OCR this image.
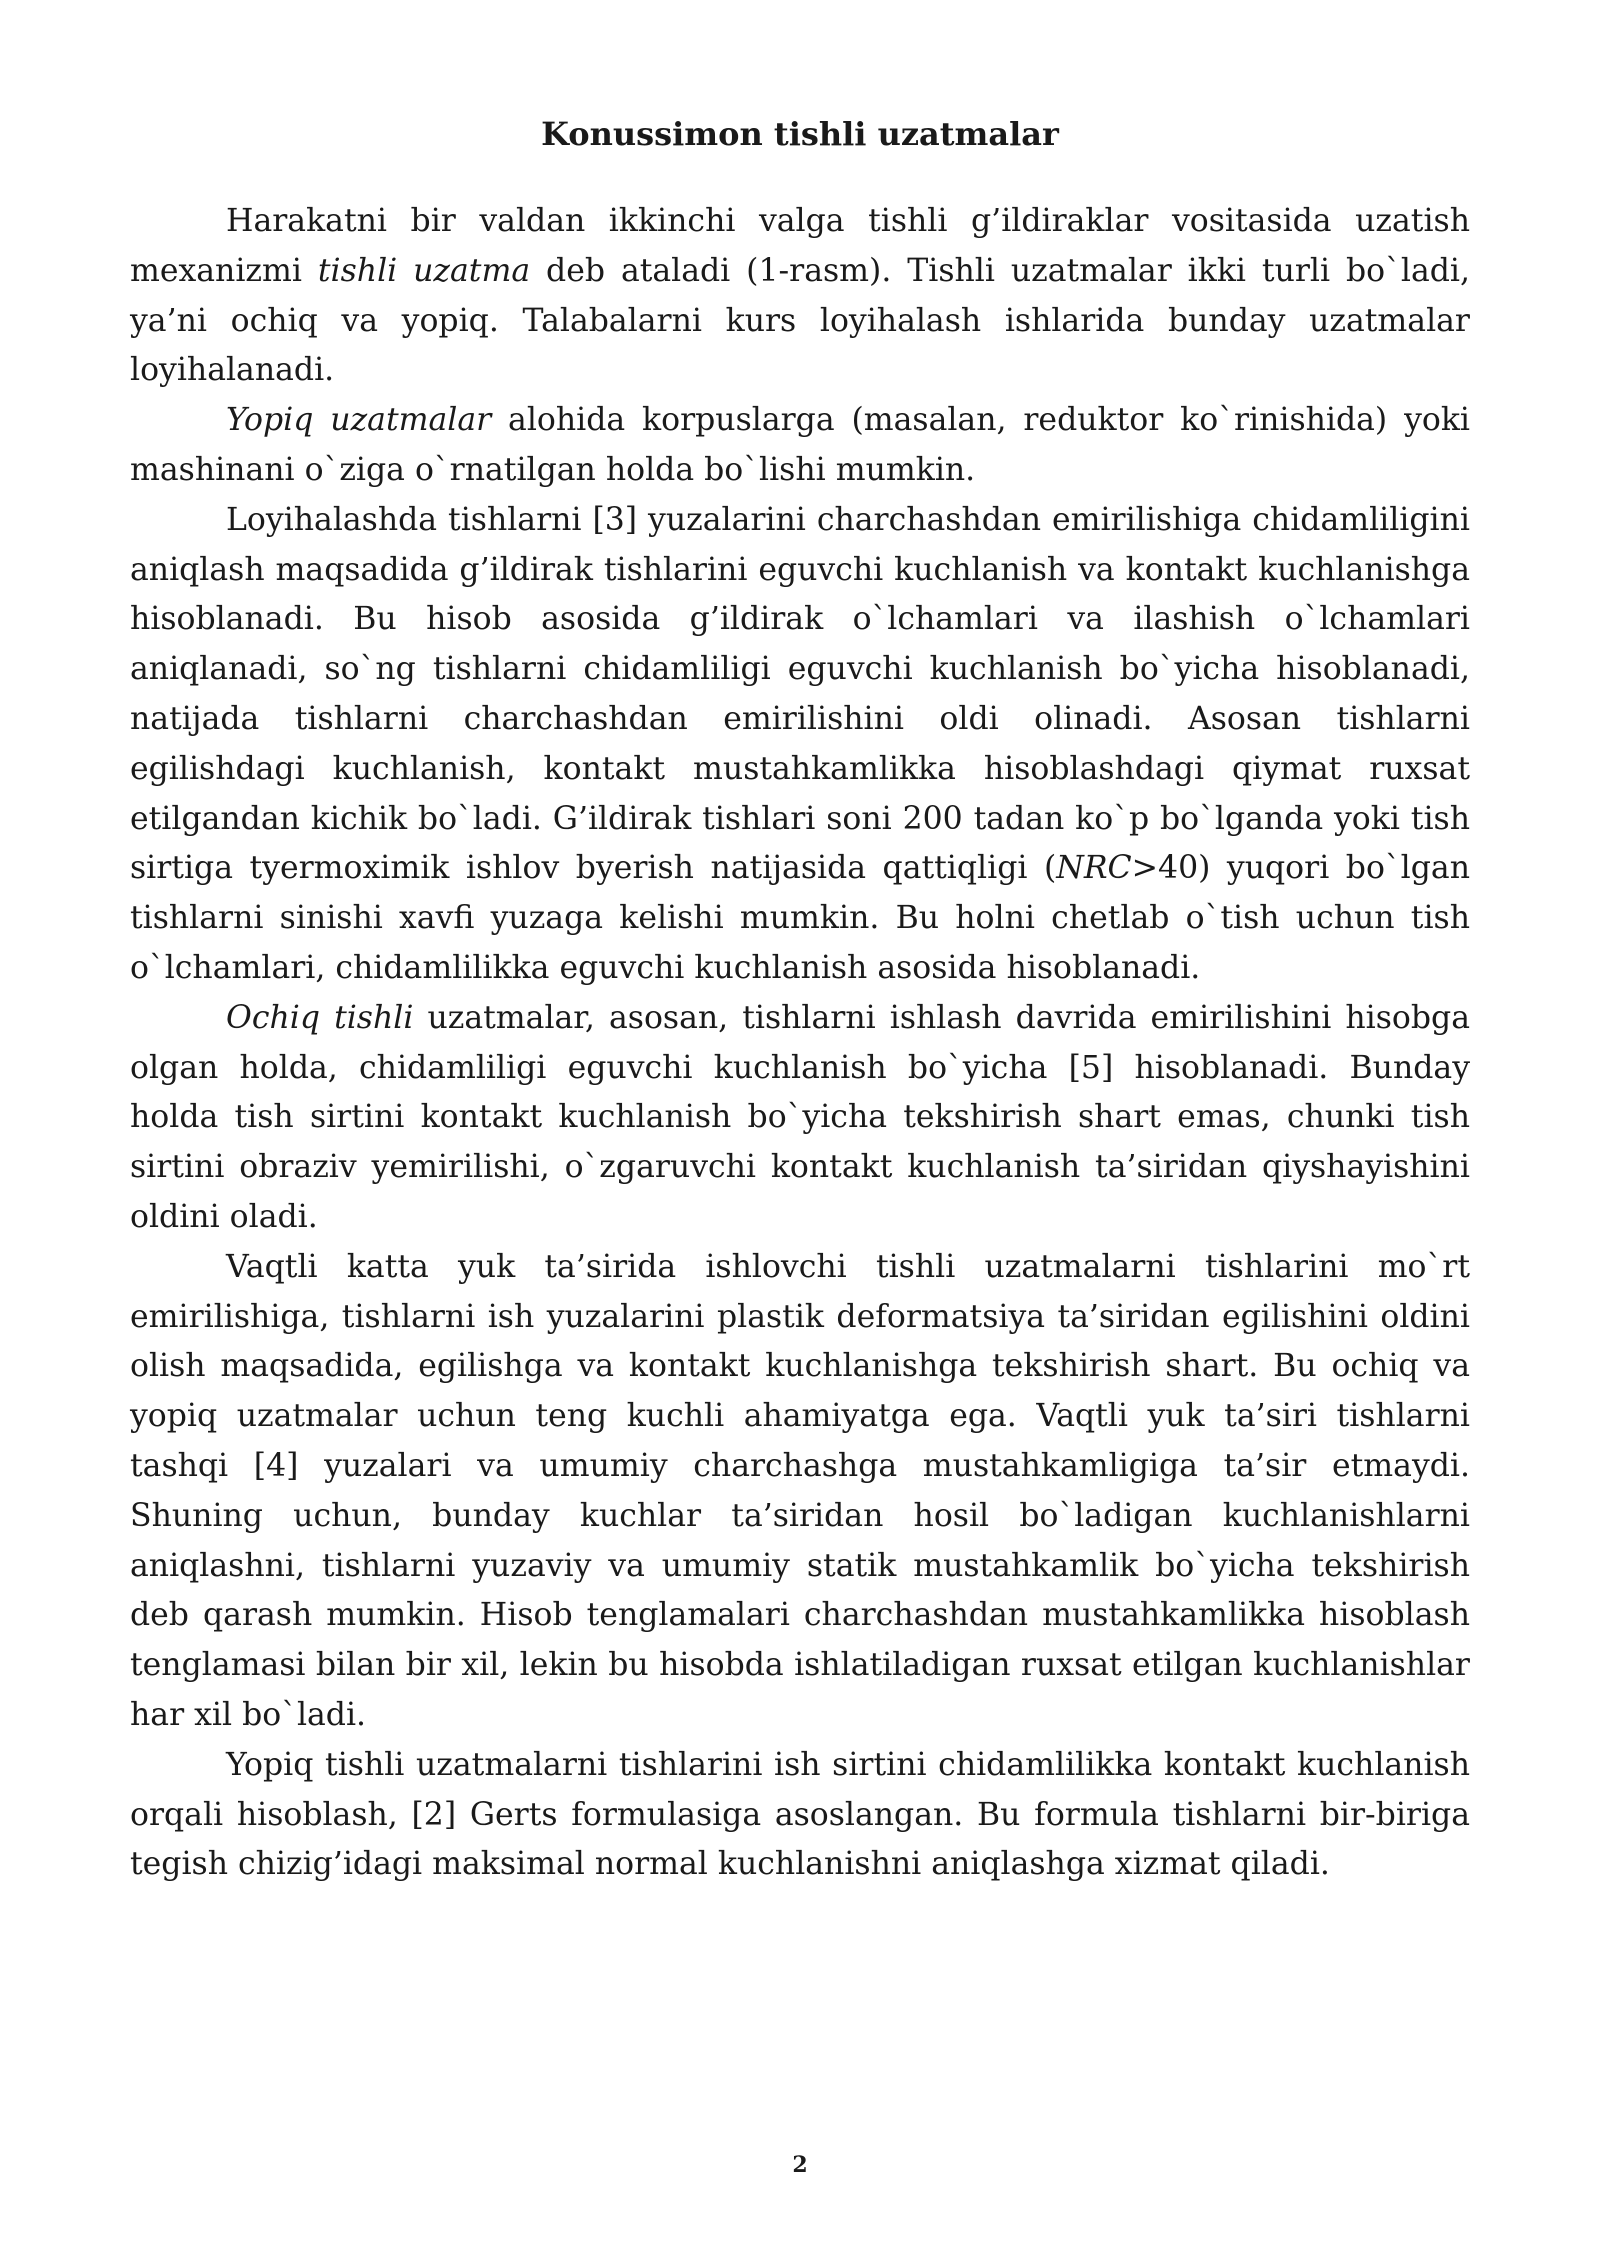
Konussimon tishli uzatmalar

Harakatni bir valdan ikkinchi valga tishli g’ildiraklar vositasida uzatish mexanizmi tishli uzatma deb ataladi (1-rasm). Tishli uzatmalar ikki turli bo`ladi, ya’ni ochiq va yopiq. Talabalarni kurs loyihalash ishlarida bunday uzatmalar loyihalanadi.

Yopiq uzatmalar alohida korpuslarga (masalan, reduktor ko`rinishida) yoki mashinani o`ziga o`rnatilgan holda bo`lishi mumkin.

Loyihalashda tishlarni [3] yuzalarini charchashdan emirilishiga chidamliligini aniqlash maqsadida g’ildirak tishlarini eguvchi kuchlanish va kontakt kuchlanishga hisoblanadi. Bu hisob asosida g’ildirak o`lchamlari va ilashish o`lchamlari aniqlanadi, so`ng tishlarni chidamliligi eguvchi kuchlanish bo`yicha hisoblanadi, natijada tishlarni charchashdan emirilishini oldi olinadi. Asosan tishlarni egilishdagi kuchlanish, kontakt mustahkamlikka hisoblashdagi qiymat ruxsat etilgandan kichik bo`ladi. G’ildirak tishlari soni 200 tadan ko`p bo`lganda yoki tish sirtiga tyermoximik ishlov byerish natijasida qattiqligi (NRC>40) yuqori bo`lgan tishlarni sinishi xavfi yuzaga kelishi mumkin. Bu holni chetlab o`tish uchun tish o`lchamlari, chidamlilikka eguvchi kuchlanish asosida hisoblanadi.

Ochiq tishli uzatmalar, asosan, tishlarni ishlash davrida emirilishini hisobga olgan holda, chidamliligi eguvchi kuchlanish bo`yicha [5] hisoblanadi. Bunday holda tish sirtini kontakt kuchlanish bo`yicha tekshirish shart emas, chunki tish sirtini obraziv yemirilishi, o`zgaruvchi kontakt kuchlanish ta’siridan qiyshayishini oldini oladi.

Vaqtli katta yuk ta’sirida ishlovchi tishli uzatmalarni tishlarini mo`rt emirilishiga, tishlarni ish yuzalarini plastik deformatsiya ta’siridan egilishini oldini olish maqsadida, egilishga va kontakt kuchlanishga tekshirish shart. Bu ochiq va yopiq uzatmalar uchun teng kuchli ahamiyatga ega. Vaqtli yuk ta’siri tishlarni tashqi [4] yuzalari va umumiy charchashga mustahkamligiga ta’sir etmaydi. Shuning uchun, bunday kuchlar ta’siridan hosil bo`ladigan kuchlanishlarni aniqlashni, tishlarni yuzaviy va umumiy statik mustahkamlik bo`yicha tekshirish deb qarash mumkin. Hisob tenglamalari charchashdan mustahkamlikka hisoblash tenglamasi bilan bir xil, lekin bu hisobda ishlatiladigan ruxsat etilgan kuchlanishlar har xil bo`ladi.

Yopiq tishli uzatmalarni tishlarini ish sirtini chidamlilikka kontakt kuchlanish orqali hisoblash, [2] Gerts formulasiga asoslangan. Bu formula tishlarni bir-biriga tegish chizig’idagi maksimal normal kuchlanishni aniqlashga xizmat qiladi.

2
